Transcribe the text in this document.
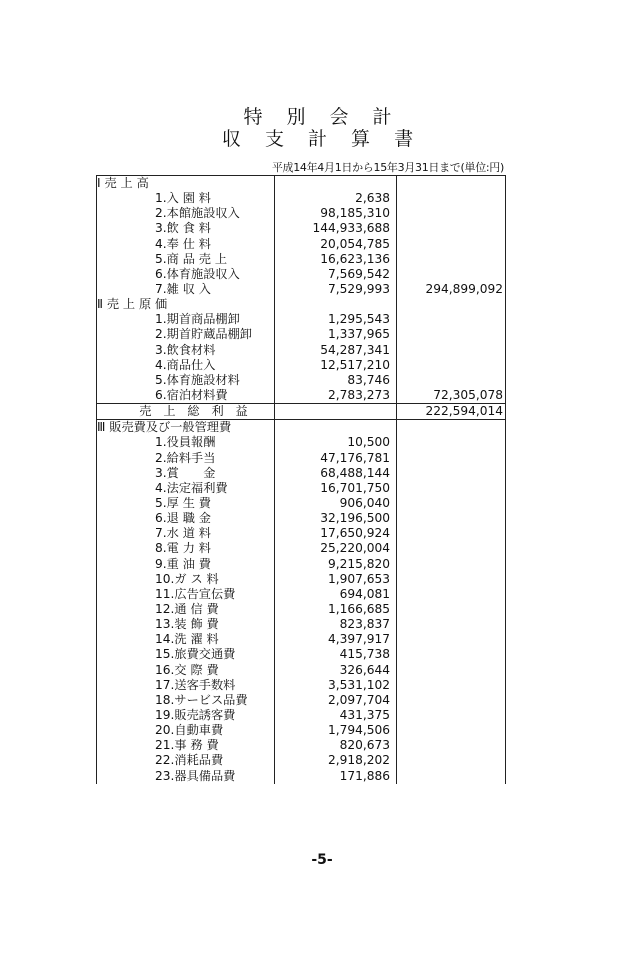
特 別 会 計
収 支 計 算 書
平成14年4月1日から15年3月31日まで(単位:円)
Ⅰ 売 上 高		
1.入 園 料	2,638	
2.本館施設収入	98,185,310	
3.飲 食 料	144,933,688	
4.奉 仕 料	20,054,785	
5.商 品 売 上	16,623,136	
6.体育施設収入	7,569,542	
7.雑 収 入	7,529,993	294,899,092
Ⅱ 売 上 原 価		
1.期首商品棚卸	1,295,543	
2.期首貯蔵品棚卸	1,337,965	
3.飲食材料	54,287,341	
4.商品仕入	12,517,210	
5.体育施設材料	83,746	
6.宿泊材料費	2,783,273	72,305,078
売 上 総 利 益		222,594,014
Ⅲ 販売費及び一般管理費		
1.役員報酬	10,500	
2.給料手当	47,176,781	
3.賞　　金	68,488,144	
4.法定福利費	16,701,750	
5.厚 生 費	906,040	
6.退 職 金	32,196,500	
7.水 道 料	17,650,924	
8.電 力 料	25,220,004	
9.重 油 費	9,215,820	
10.ガ ス 料	1,907,653	
11.広告宣伝費	694,081	
12.通 信 費	1,166,685	
13.装 飾 費	823,837	
14.洗 濯 料	4,397,917	
15.旅費交通費	415,738	
16.交 際 費	326,644	
17.送客手数料	3,531,102	
18.サービス品費	2,097,704	
19.販売誘客費	431,375	
20.自動車費	1,794,506	
21.事 務 費	820,673	
22.消耗品費	2,918,202	
23.器具備品費	171,886	
-5-
